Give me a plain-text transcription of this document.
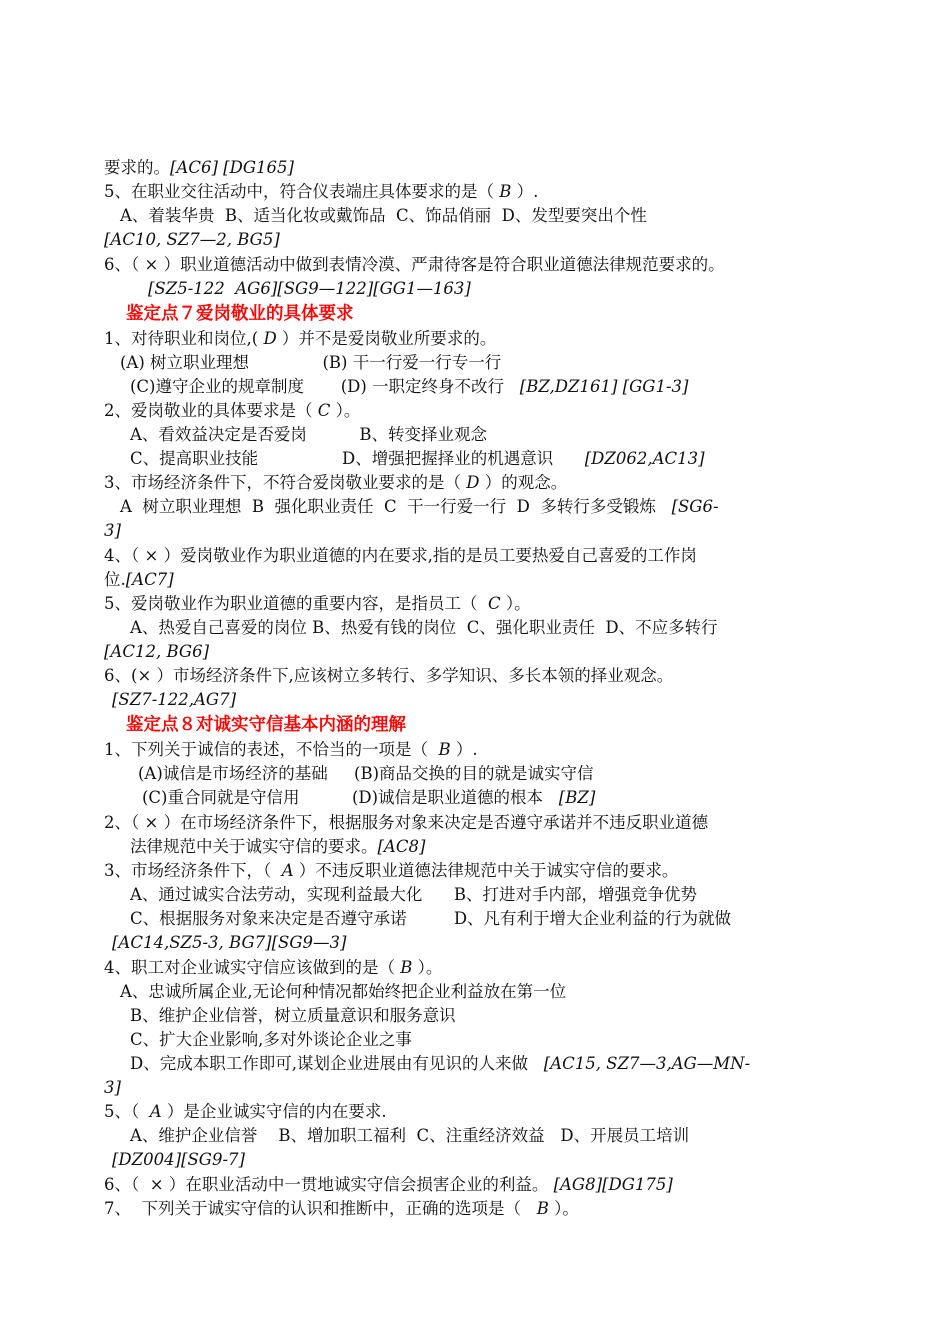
要求的。[AC6] [DG165]
5、在职业交往活动中，符合仪表端庄具体要求的是（ B ）.
A、着装华贵  B、适当化妆或戴饰品  C、饰品俏丽  D、发型要突出个性
[AC10, SZ7—2, BG5]
6、（ × ）职业道德活动中做到表情冷漠、严肃待客是符合职业道德法律规范要求的。
[SZ5-122  AG6][SG9—122][GG1—163]
1、对待职业和岗位,( D ）并不是爱岗敬业所要求的。
(A) 树立职业理想              (B) 干一行爱一行专一行
(C)遵守企业的规章制度       (D) 一职定终身不改行   [BZ,DZ161] [GG1-3]
2、爱岗敬业的具体要求是（ C ）。
A、看效益决定是否爱岗          B、转变择业观念
C、提高职业技能                D、增强把握择业的机遇意识      [DZ062,AC13]
3、市场经济条件下，不符合爱岗敬业要求的是（ D ）的观念。
A  树立职业理想  B  强化职业责任  C  干一行爱一行  D  多转行多受锻炼   [SG6-
3]
4、（ × ）爱岗敬业作为职业道德的内在要求,指的是员工要热爱自己喜爱的工作岗
位.[AC7]
5、爱岗敬业作为职业道德的重要内容，是指员工（  C ）。
A、热爱自己喜爱的岗位 B、热爱有钱的岗位  C、强化职业责任  D、不应多转行
[AC12, BG6]
6、(× ）市场经济条件下,应该树立多转行、多学知识、多长本领的择业观念。
[SZ7-122,AG7]
1、下列关于诚信的表述，不恰当的一项是（  B ）.
(A)诚信是市场经济的基础     (B)商品交换的目的就是诚实守信
(C)重合同就是守信用          (D)诚信是职业道德的根本   [BZ]
2、（ × ）在市场经济条件下，根据服务对象来决定是否遵守承诺并不违反职业道德
法律规范中关于诚实守信的要求。[AC8]
3、市场经济条件下，（  A ）不违反职业道德法律规范中关于诚实守信的要求。
A、通过诚实合法劳动，实现利益最大化      B、打进对手内部，增强竞争优势
C、根据服务对象来决定是否遵守承诺         D、凡有利于增大企业利益的行为就做
[AC14,SZ5-3, BG7][SG9—3]
4、职工对企业诚实守信应该做到的是（ B ）。
A、忠诚所属企业,无论何种情况都始终把企业利益放在第一位
B、维护企业信誉，树立质量意识和服务意识
C、扩大企业影响,多对外谈论企业之事
D、完成本职工作即可,谋划企业进展由有见识的人来做   [AC15, SZ7—3,AG—MN-
3]
5、（  A ）是企业诚实守信的内在要求.
A、维护企业信誉    B、增加职工福利  C、注重经济效益   D、开展员工培训
[DZ004][SG9-7]
6、（  × ）在职业活动中一贯地诚实守信会损害企业的利益。 [AG8][DG175]
7、  下列关于诚实守信的认识和推断中，正确的选项是（   B ）。
鉴定点７爱岗敬业的具体要求
鉴定点８对诚实守信基本内涵的理解
